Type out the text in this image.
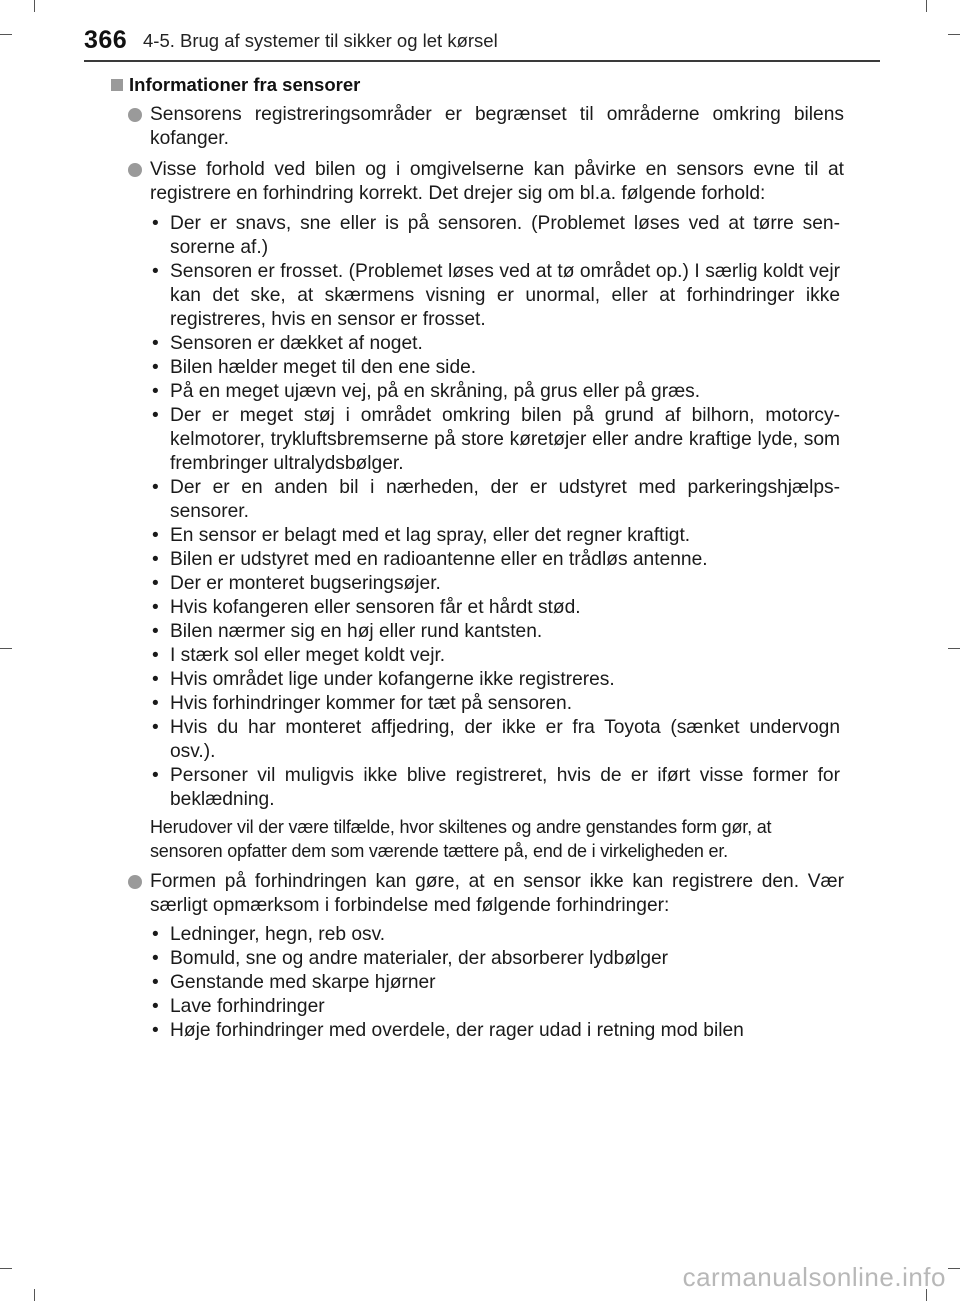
366 4-5. Brug af systemer til sikker og let kørsel
Informationer fra sensorer
Sensorens registreringsområder er begrænset til områderne omkring bilens kofanger.
Visse forhold ved bilen og i omgivelserne kan påvirke en sensors evne til at registrere en forhindring korrekt. Det drejer sig om bl.a. følgende forhold:
• Der er snavs, sne eller is på sensoren. (Problemet løses ved at tørre sen-sorerne af.)
• Sensoren er frosset. (Problemet løses ved at tø området op.) I særlig koldt vejr kan det ske, at skærmens visning er unormal, eller at forhindringer ikke registreres, hvis en sensor er frosset.
• Sensoren er dækket af noget.
• Bilen hælder meget til den ene side.
• På en meget ujævn vej, på en skråning, på grus eller på græs.
• Der er meget støj i området omkring bilen på grund af bilhorn, motorcy-kelmotorer, trykluftsbremserne på store køretøjer eller andre kraftige lyde, som frembringer ultralydsbølger.
• Der er en anden bil i nærheden, der er udstyret med parkeringshjælps-sensorer.
• En sensor er belagt med et lag spray, eller det regner kraftigt.
• Bilen er udstyret med en radioantenne eller en trådløs antenne.
• Der er monteret bugseringsøjer.
• Hvis kofangeren eller sensoren får et hårdt stød.
• Bilen nærmer sig en høj eller rund kantsten.
• I stærk sol eller meget koldt vejr.
• Hvis området lige under kofangerne ikke registreres.
• Hvis forhindringer kommer for tæt på sensoren.
• Hvis du har monteret affjedring, der ikke er fra Toyota (sænket undervogn osv.).
• Personer vil muligvis ikke blive registreret, hvis de er iført visse former for beklædning.
Herudover vil der være tilfælde, hvor skiltenes og andre genstandes form gør, at sensoren opfatter dem som værende tættere på, end de i virkeligheden er.
Formen på forhindringen kan gøre, at en sensor ikke kan registrere den. Vær særligt opmærksom i forbindelse med følgende forhindringer:
• Ledninger, hegn, reb osv.
• Bomuld, sne og andre materialer, der absorberer lydbølger
• Genstande med skarpe hjørner
• Lave forhindringer
• Høje forhindringer med overdele, der rager udad i retning mod bilen
carmanualsonline.info
